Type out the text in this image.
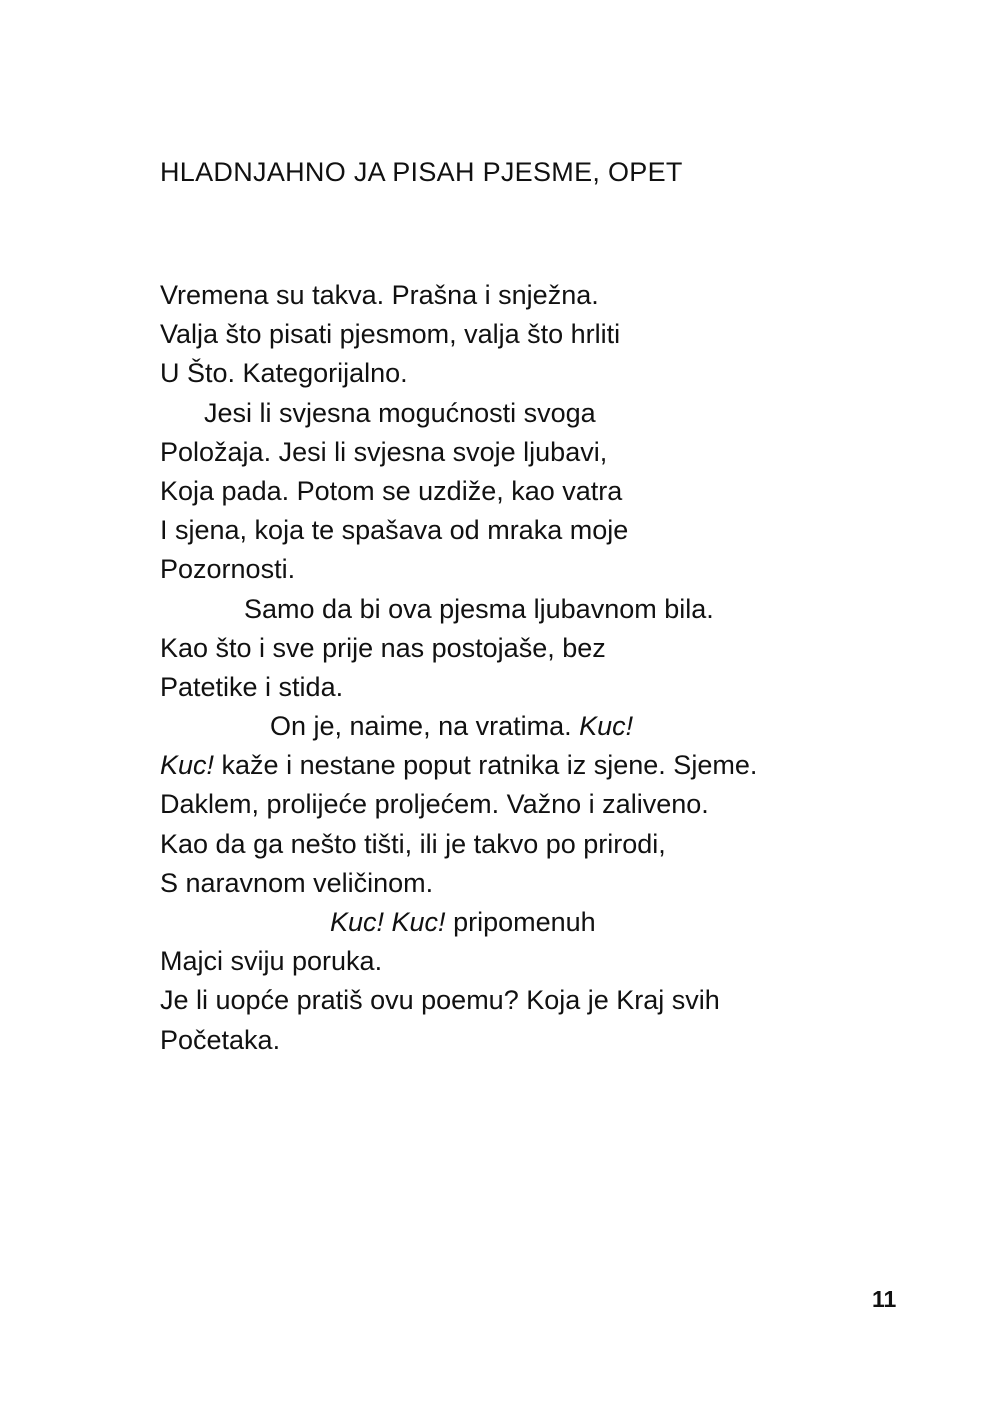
HLADNJAHNO JA PISAH PJESME, OPET
Vremena su takva. Prašna i snježna.
Valja što pisati pjesmom, valja što hrliti
U Što. Kategorijalno.
Jesi li svjesna mogućnosti svoga
Položaja. Jesi li svjesna svoje ljubavi,
Koja pada. Potom se uzdiže, kao vatra
I sjena, koja te spašava od mraka moje
Pozornosti.
Samo da bi ova pjesma ljubavnom bila.
Kao što i sve prije nas postojaše, bez
Patetike i stida.
On je, naime, na vratima. Kuc!
Kuc! kaže i nestane poput ratnika iz sjene. Sjeme.
Daklem, prolijeće proljećem. Važno i zaliveno.
Kao da ga nešto tišti, ili je takvo po prirodi,
S naravnom veličinom.
Kuc! Kuc! pripomenuh
Majci sviju poruka.
Je li uopće pratiš ovu poemu? Koja je Kraj svih
Početaka.
11
